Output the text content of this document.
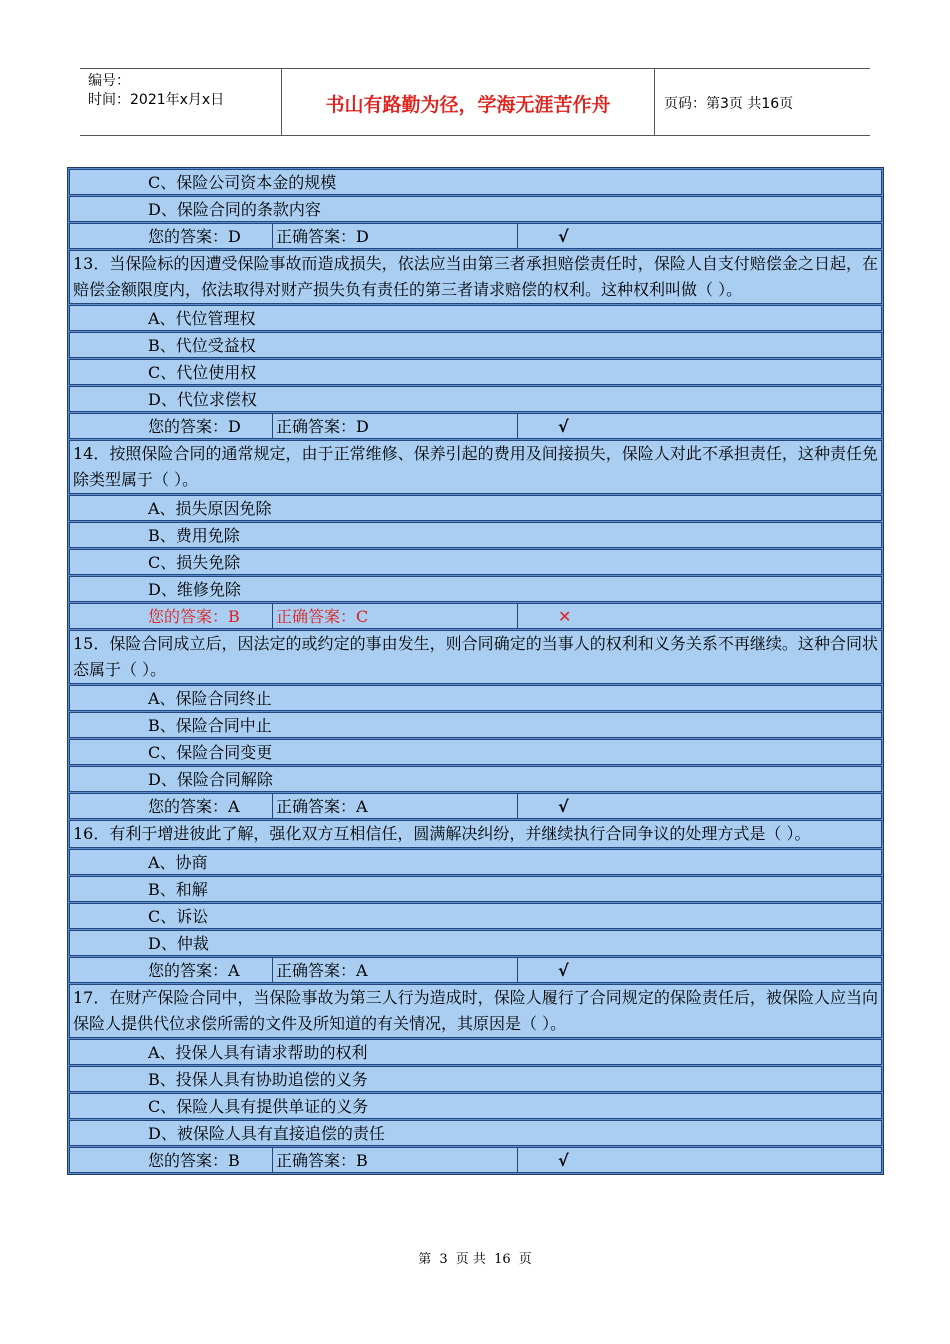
编号：
时间：2021年x月x日	书山有路勤为径，学海无涯苦作舟	页码：第3页 共16页
C、保险公司资本金的规模
D、保险合同的条款内容
您的答案：D	正确答案：D	√
13．当保险标的因遭受保险事故而造成损失，依法应当由第三者承担赔偿责任时，保险人自支付赔偿金之日起，在赔偿金额限度内，依法取得对财产损失负有责任的第三者请求赔偿的权利。这种权利叫做（ ）。
A、代位管理权
B、代位受益权
C、代位使用权
D、代位求偿权
您的答案：D	正确答案：D	√
14．按照保险合同的通常规定，由于正常维修、保养引起的费用及间接损失，保险人对此不承担责任，这种责任免除类型属于（ ）。
A、损失原因免除
B、费用免除
C、损失免除
D、维修免除
您的答案：B	正确答案：C	✕
15．保险合同成立后，因法定的或约定的事由发生，则合同确定的当事人的权利和义务关系不再继续。这种合同状态属于（ ）。
A、保险合同终止
B、保险合同中止
C、保险合同变更
D、保险合同解除
您的答案：A	正确答案：A	√
16．有利于增进彼此了解，强化双方互相信任，圆满解决纠纷，并继续执行合同争议的处理方式是（ ）。
A、协商
B、和解
C、诉讼
D、仲裁
您的答案：A	正确答案：A	√
17．在财产保险合同中，当保险事故为第三人行为造成时，保险人履行了合同规定的保险责任后，被保险人应当向保险人提供代位求偿所需的文件及所知道的有关情况，其原因是（ ）。
A、投保人具有请求帮助的权利
B、投保人具有协助追偿的义务
C、保险人具有提供单证的义务
D、被保险人具有直接追偿的责任
您的答案：B	正确答案：B	√
第 3 页 共 16 页
